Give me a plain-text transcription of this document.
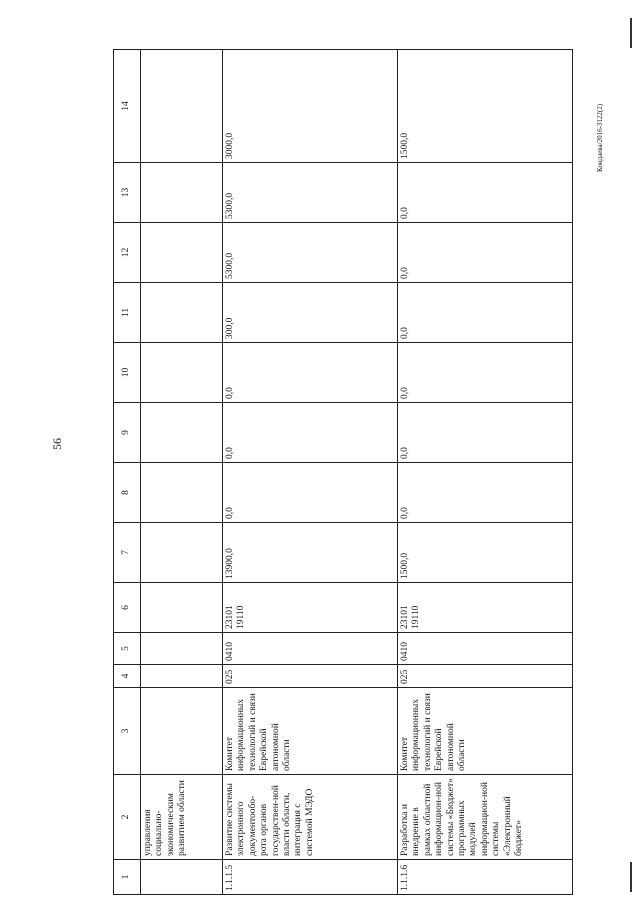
56
Кондаева/2016-3122(2)
1	2	3	4	5	6	7	8	9	10	11	12	13	14
	управления социально-экономическим развитием области												
1.1.1.5	Развитие системы электронного документообо-рота органов государствен-ной власти области, интеграция с системой МЭДО	Комитет информационных технологий и связи Еврейской автономной области	025	0410	23101 19110	13900,0	0,0	0,0	0,0	300,0	5300,0	5300,0	3000,0
1.1.1.6	Разработка и внедрение в рамках областной информацион-ной системы «Бюджет» программных модулей информацион-ной системы «Электронный бюджет»	Комитет информационных технологий и связи Еврейской автономной области	025	0410	23101 19110	1500,0	0,0	0,0	0,0	0,0	0,0	0,0	1500,0
